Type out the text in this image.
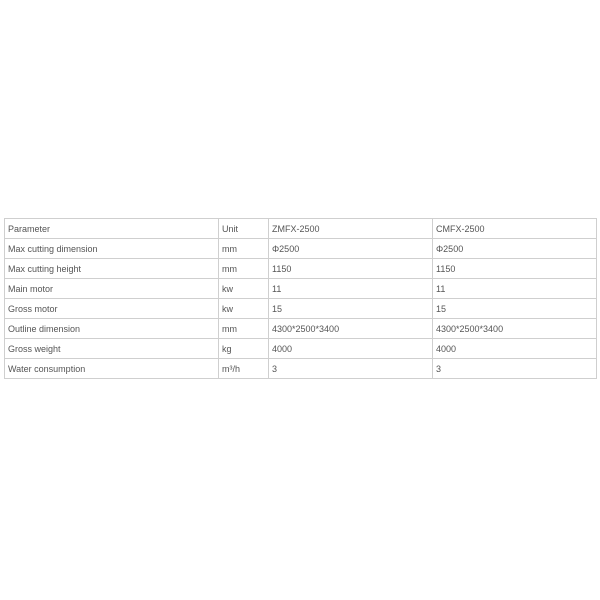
Parameter	Unit	ZMFX-2500	CMFX-2500
Max cutting dimension	mm	Φ2500	Φ2500
Max cutting height	mm	1150	1150
Main motor	kw	11	11
Gross motor	kw	15	15
Outline dimension	mm	4300*2500*3400	4300*2500*3400
Gross weight	kg	4000	4000
Water consumption	m³/h	3	3
